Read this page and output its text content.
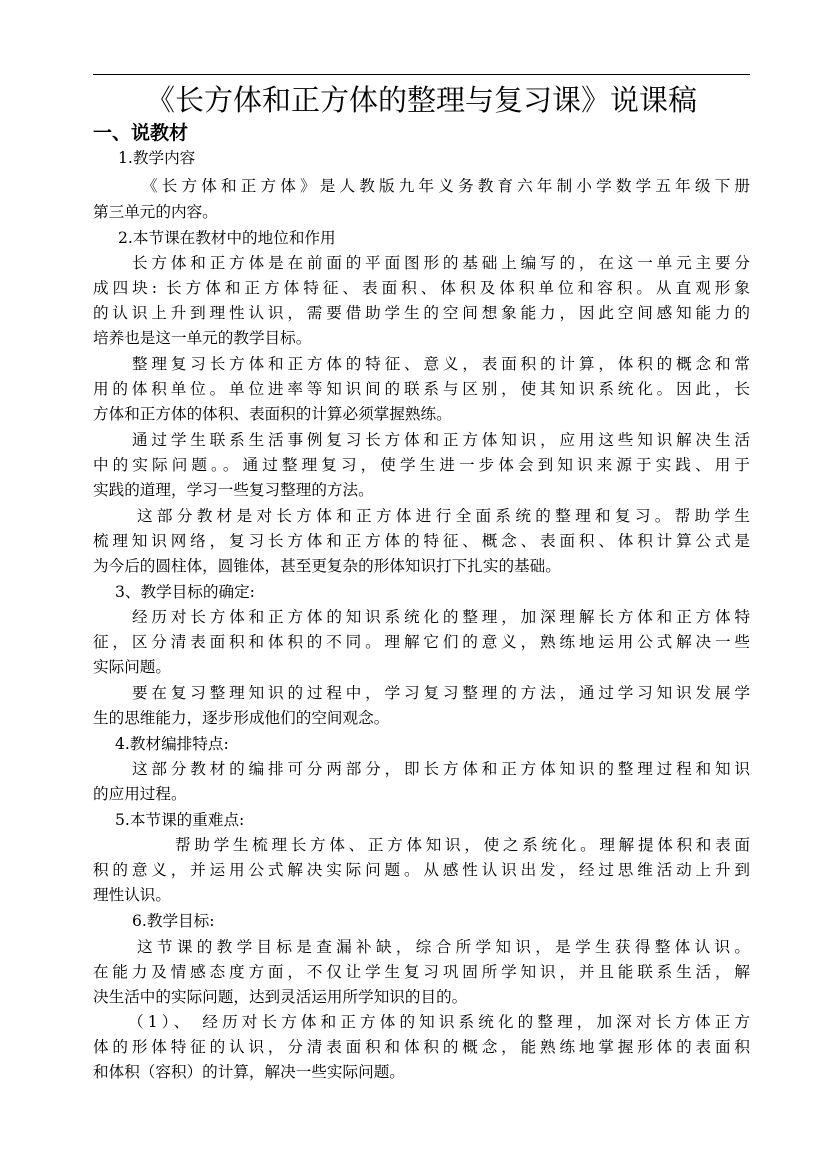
《长方体和正方体的整理与复习课》说课稿
一、说教材
1.教学内容
《长方体和正方体》是人教版九年义务教育六年制小学数学五年级下册
第三单元的内容。
2.本节课在教材中的地位和作用
长方体和正方体是在前面的平面图形的基础上编写的，在这一单元主要分
成四块: 长方体和正方体特征、表面积、体积及体积单位和容积。从直观形象
的认识上升到理性认识，需要借助学生的空间想象能力，因此空间感知能力的
培养也是这一单元的教学目标。
整理复习长方体和正方体的特征、意义，表面积的计算，体积的概念和常
用的体积单位。单位进率等知识间的联系与区别，使其知识系统化。因此，长
方体和正方体的体积、表面积的计算必须掌握熟练。
通过学生联系生活事例复习长方体和正方体知识，应用这些知识解决生活
中的实际问题。。通过整理复习，使学生进一步体会到知识来源于实践、用于
实践的道理，学习一些复习整理的方法。
这部分教材是对长方体和正方体进行全面系统的整理和复习。帮助学生
梳理知识网络，复习长方体和正方体的特征、概念、表面积、体积计算公式是
为今后的圆柱体，圆锥体，甚至更复杂的形体知识打下扎实的基础。
3、教学目标的确定:
经历对长方体和正方体的知识系统化的整理，加深理解长方体和正方体特
征，区分清表面积和体积的不同。理解它们的意义，熟练地运用公式解决一些
实际问题。
要在复习整理知识的过程中，学习复习整理的方法，通过学习知识发展学
生的思维能力，逐步形成他们的空间观念。
4.教材编排特点:
这部分教材的编排可分两部分，即长方体和正方体知识的整理过程和知识
的应用过程。
5.本节课的重难点:
帮助学生梳理长方体、正方体知识，使之系统化。理解提体积和表面
积的意义，并运用公式解决实际问题。从感性认识出发，经过思维活动上升到
理性认识。
6.教学目标:
这节课的教学目标是查漏补缺，综合所学知识，是学生获得整体认识。
在能力及情感态度方面，不仅让学生复习巩固所学知识，并且能联系生活，解
决生活中的实际问题，达到灵活运用所学知识的目的。
（1）、 经历对长方体和正方体的知识系统化的整理，加深对长方体正方
体的形体特征的认识，分清表面积和体积的概念，能熟练地掌握形体的表面积
和体积（容积）的计算，解决一些实际问题。
